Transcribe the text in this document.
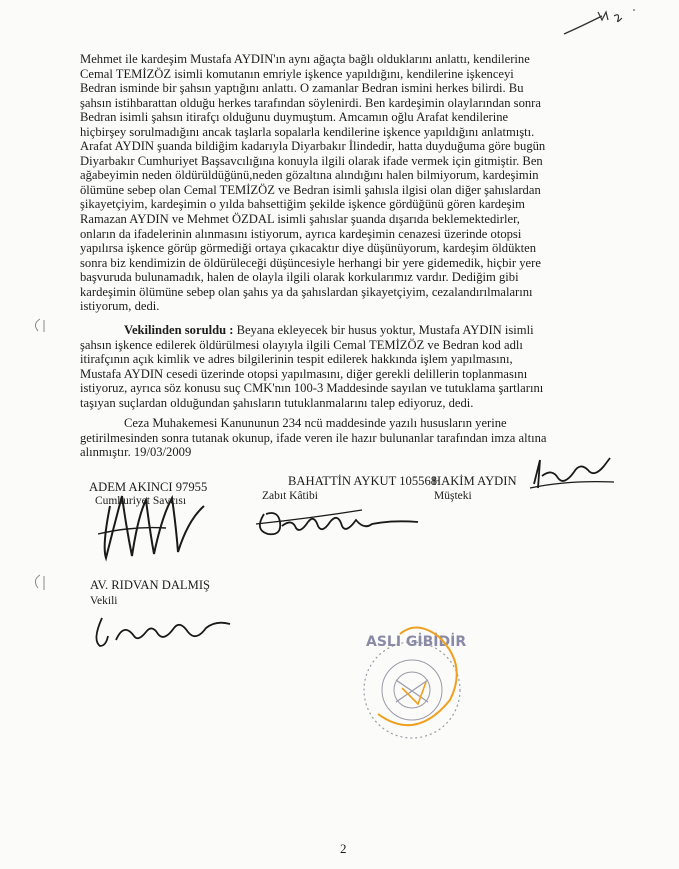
Mehmet ile kardeşim Mustafa AYDIN'ın aynı ağaçta bağlı olduklarını anlattı, kendilerine
Cemal TEMİZÖZ isimli komutanın emriyle işkence yapıldığını, kendilerine işkenceyi
Bedran isminde bir şahsın yaptığını anlattı. O zamanlar Bedran ismini herkes bilirdi. Bu
şahsın istihbarattan olduğu herkes tarafından söylenirdi. Ben kardeşimin olaylarından sonra
Bedran isimli şahsın itirafçı olduğunu duymuştum. Amcamın oğlu Arafat kendilerine
hiçbirşey sorulmadığını ancak taşlarla sopalarla kendilerine işkence yapıldığını anlatmıştı.
Arafat AYDIN şuanda bildiğim kadarıyla Diyarbakır İlindedir, hatta duyduğuma göre bugün
Diyarbakır Cumhuriyet Başsavcılığına konuyla ilgili olarak ifade vermek için gitmiştir. Ben
ağabeyimin neden öldürüldüğünü,neden gözaltına alındığını halen bilmiyorum, kardeşimin
ölümüne sebep olan Cemal TEMİZÖZ ve Bedran isimli şahısla ilgisi olan diğer şahıslardan
şikayetçiyim, kardeşimin o yılda bahsettiğim şekilde işkence gördüğünü gören kardeşim
Ramazan AYDIN ve Mehmet ÖZDAL isimli şahıslar şuanda dışarıda beklemektedirler,
onların da ifadelerinin alınmasını istiyorum, ayrıca kardeşimin cenazesi üzerinde otopsi
yapılırsa işkence görüp görmediği ortaya çıkacaktır diye düşünüyorum, kardeşim öldükten
sonra biz kendimizin de öldürüleceği düşüncesiyle herhangi bir yere gidemedik, hiçbir yere
başvuruda bulunamadık, halen de olayla ilgili olarak korkularımız vardır. Dediğim gibi
kardeşimin ölümüne sebep olan şahıs ya da şahıslardan şikayetçiyim, cezalandırılmalarını
istiyorum, dedi.
Vekilinden soruldu : Beyana ekleyecek bir husus yoktur, Mustafa AYDIN isimli
şahsın işkence edilerek öldürülmesi olayıyla ilgili Cemal TEMİZÖZ ve Bedran kod adlı
itirafçının açık kimlik ve adres bilgilerinin tespit edilerek hakkında işlem yapılmasını,
Mustafa AYDIN cesedi üzerinde otopsi yapılmasını, diğer gerekli delillerin toplanmasını
istiyoruz, ayrıca söz konusu suç CMK'nın 100-3 Maddesinde sayılan ve tutuklama şartlarını
taşıyan suçlardan olduğundan şahısların tutuklanmalarını talep ediyoruz, dedi.
Ceza Muhakemesi Kanununun 234 ncü maddesinde yazılı hususların yerine
getirilmesinden sonra tutanak okunup, ifade veren ile hazır bulunanlar tarafından imza altına
alınmıştır. 19/03/2009
ADEM AKINCI 97955
Cumhuriyet Savcısı
BAHATTİN AYKUT 105568
Zabıt Kâtibi
HAKİM AYDIN
Müşteki
AV. RIDVAN DALMIŞ
Vekili
ASLI GİBİDİR
2
